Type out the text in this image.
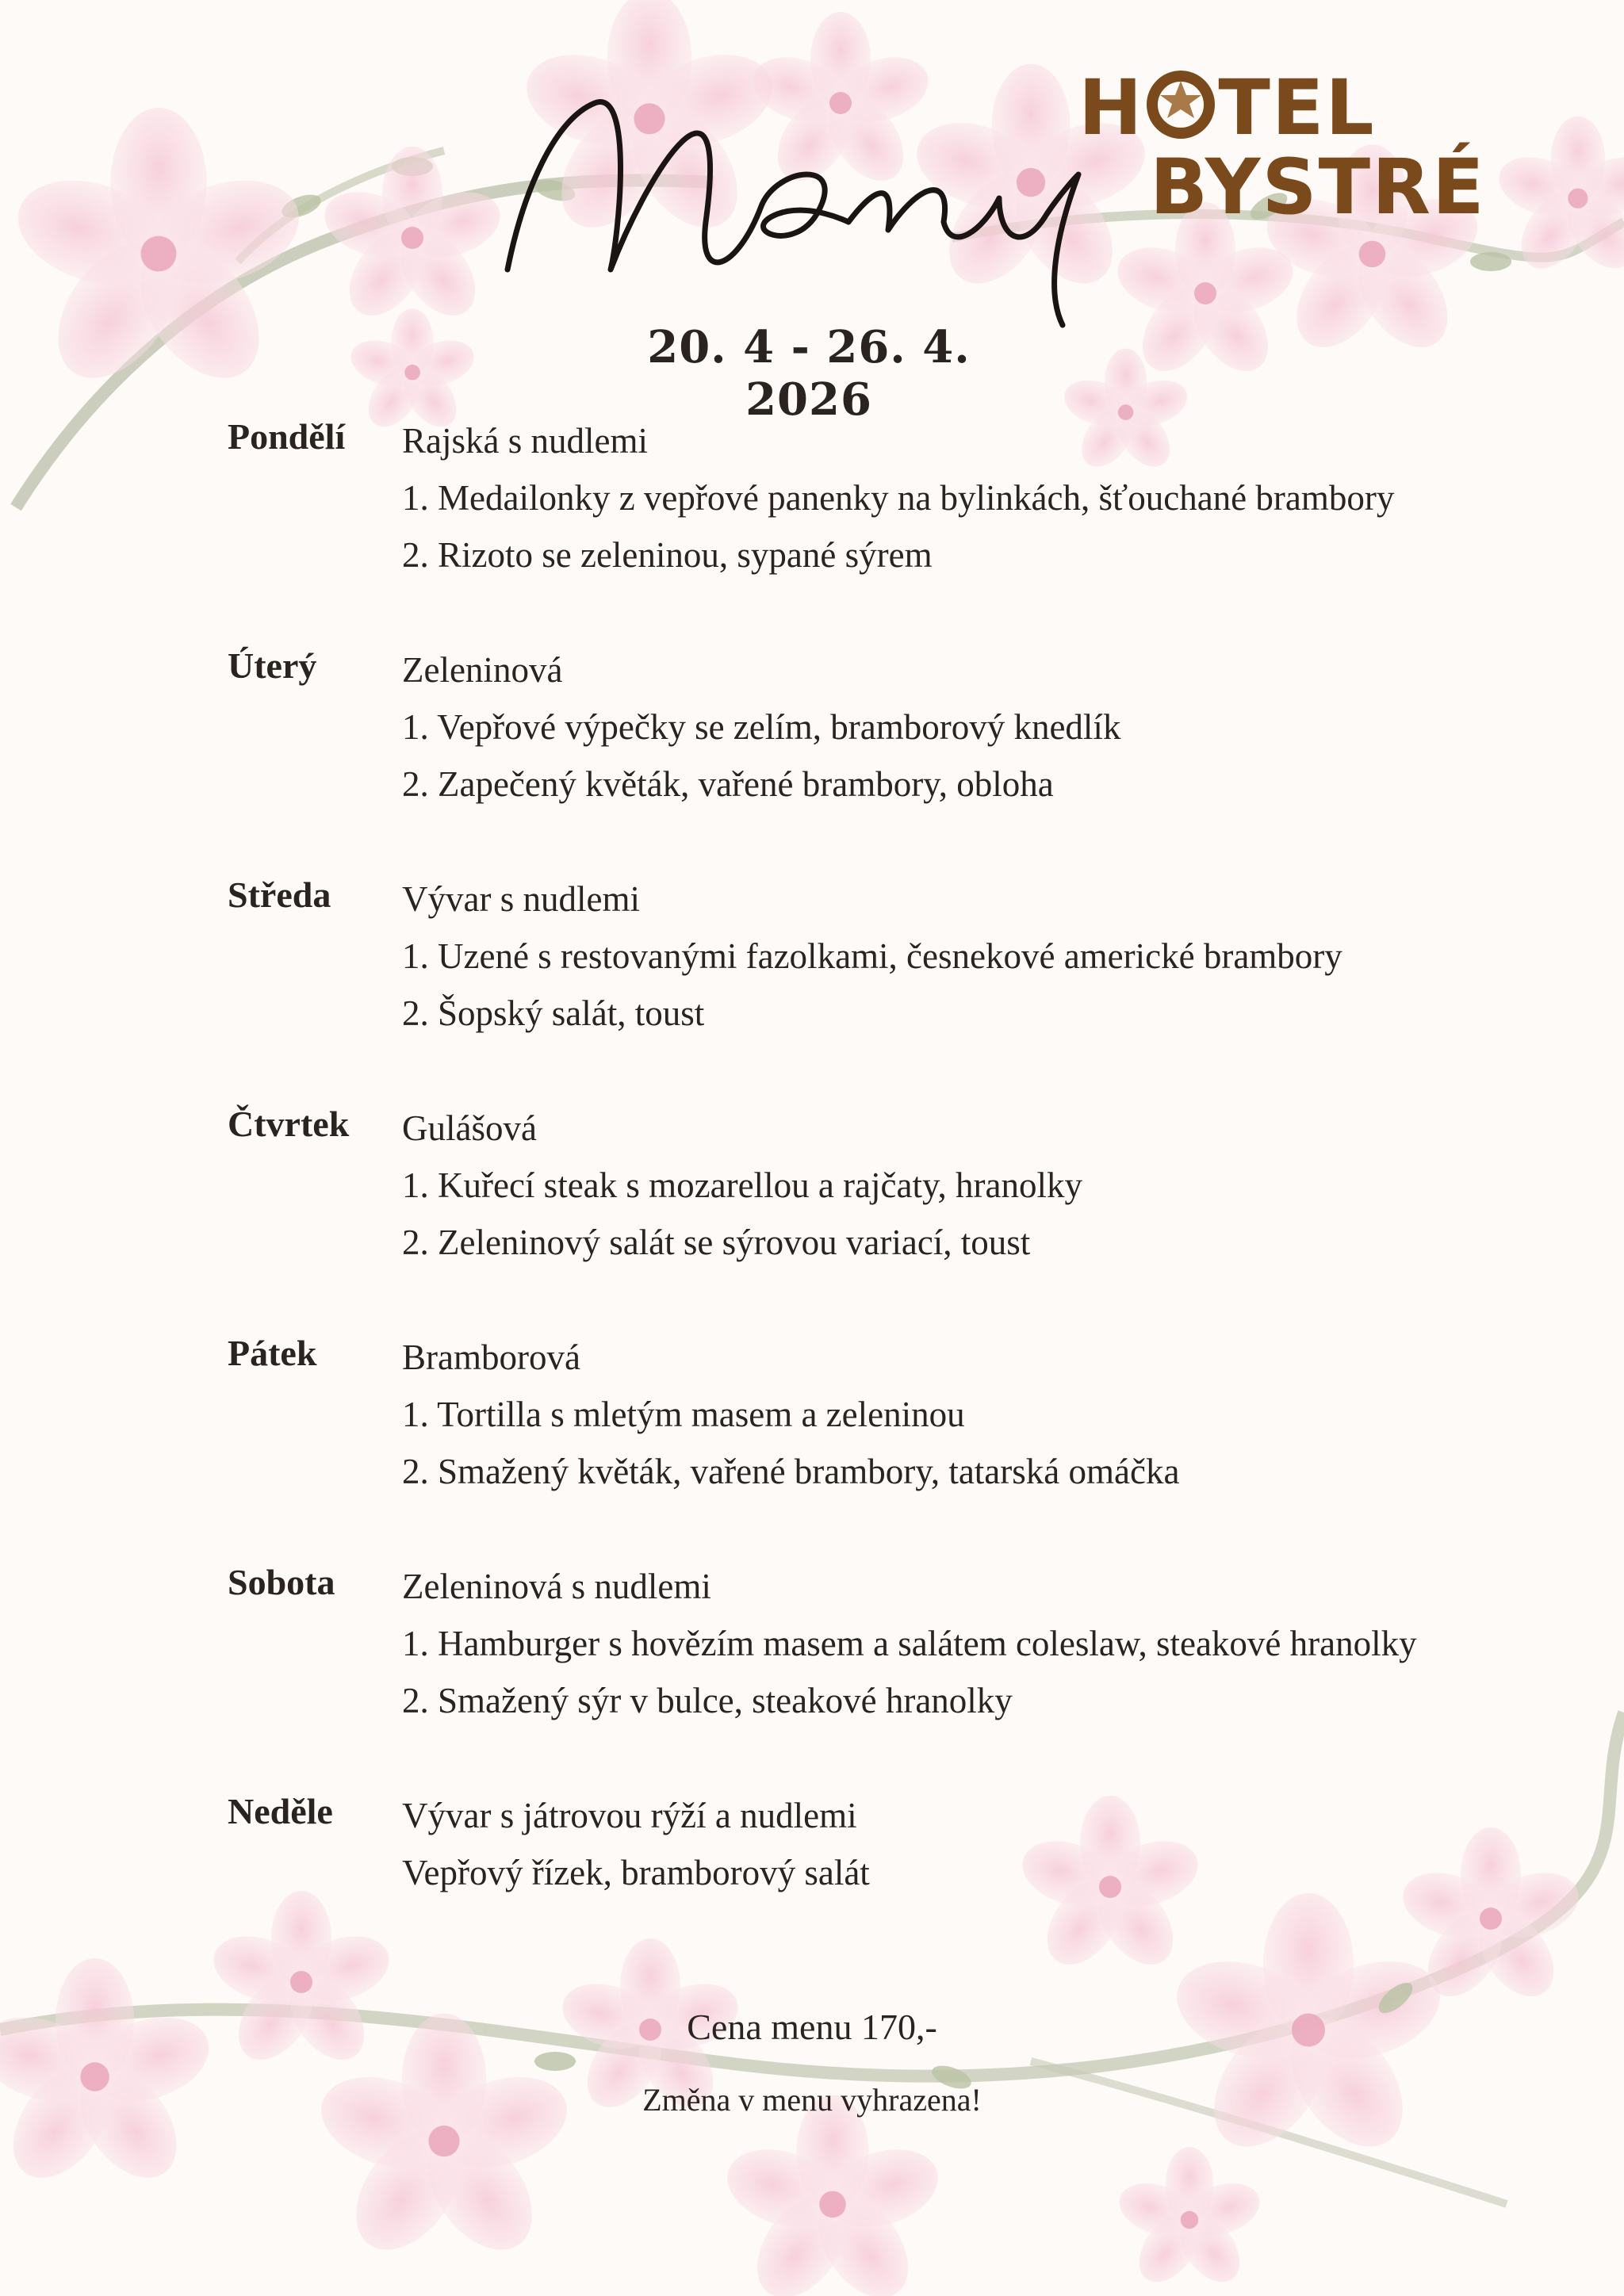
Menu
20. 4 - 26. 4. 2026
H TEL
BYSTRÉ
Pondělí Rajská s nudlemi
1. Medailonky z vepřové panenky na bylinkách, šťouchané brambory
2. Rizoto se zeleninou, sypané sýrem
Úterý Zeleninová
1. Vepřové výpečky se zelím, bramborový knedlík
2. Zapečený květák, vařené brambory, obloha
Středa Vývar s nudlemi
1. Uzené s restovanými fazolkami, česnekové americké brambory
2. Šopský salát, toust
Čtvrtek Gulášová
1. Kuřecí steak s mozarellou a rajčaty, hranolky
2. Zeleninový salát se sýrovou variací, toust
Pátek Bramborová
1. Tortilla s mletým masem a zeleninou
2. Smažený květák, vařené brambory, tatarská omáčka
Sobota Zeleninová s nudlemi
1. Hamburger s hovězím masem a salátem coleslaw, steakové hranolky
2. Smažený sýr v bulce, steakové hranolky
Neděle Vývar s játrovou rýží a nudlemi
Vepřový řízek, bramborový salát
Cena menu 170,-
Změna v menu vyhrazena!
